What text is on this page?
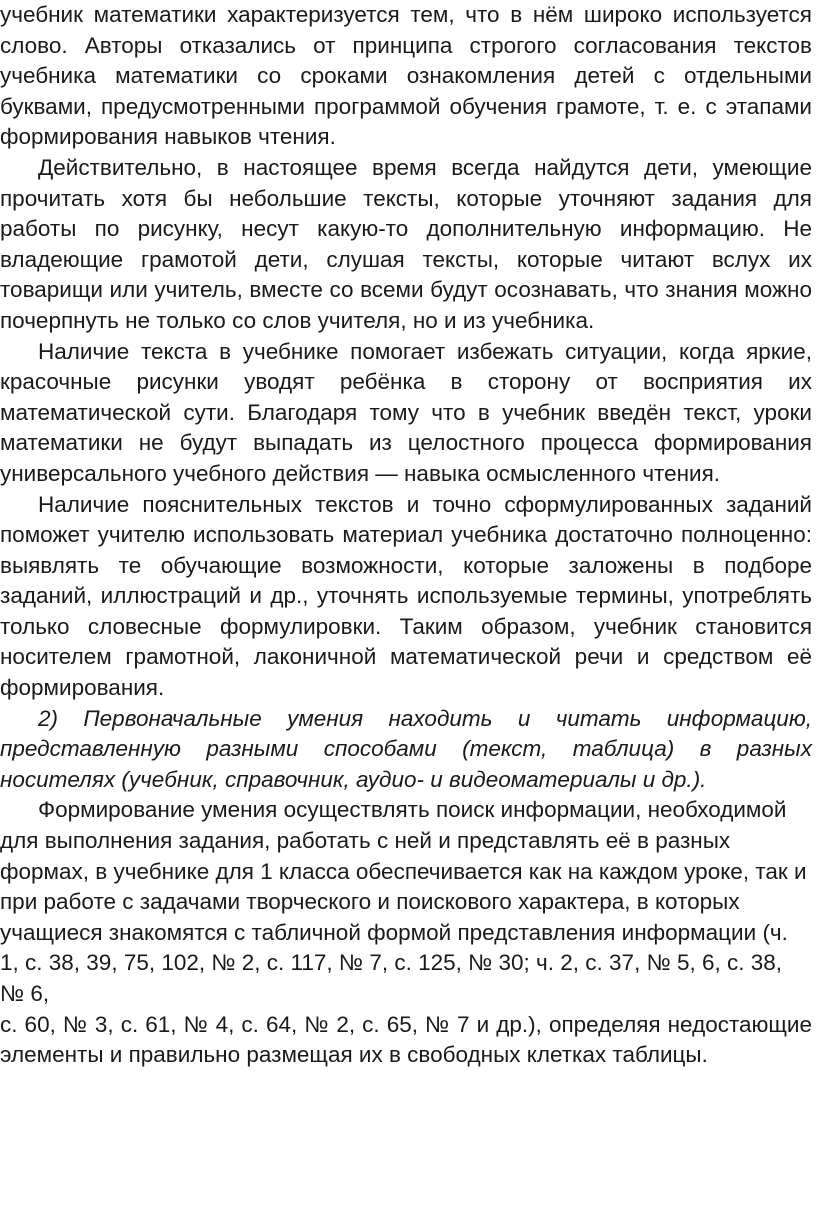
учебник математики характеризуется тем, что в нём широко используется слово. Авторы отказались от принципа строгого согласования текстов учебника математики со сроками ознакомления детей с отдельными буквами, предусмотренными программой обучения грамоте, т. е. с этапами формирования навыков чтения.

Действительно, в настоящее время всегда найдутся дети, умеющие прочитать хотя бы небольшие тексты, которые уточняют задания для работы по рисунку, несут какую-то дополнительную информацию. Не владеющие грамотой дети, слушая тексты, которые читают вслух их товарищи или учитель, вместе со всеми будут осознавать, что знания можно почерпнуть не только со слов учителя, но и из учебника.

Наличие текста в учебнике помогает избежать ситуации, когда яркие, красочные рисунки уводят ребёнка в сторону от восприятия их математической сути. Благодаря тому что в учебник введён текст, уроки математики не будут выпадать из целостного процесса формирования универсального учебного действия — навыка осмысленного чтения.

Наличие пояснительных текстов и точно сформулированных заданий поможет учителю использовать материал учебника достаточно полноценно: выявлять те обучающие возможности, которые заложены в подборе заданий, иллюстраций и др., уточнять используемые термины, употреблять только словесные формулировки. Таким образом, учебник становится носителем грамотной, лаконичной математической речи и средством её формирования.

2) Первоначальные умения находить и читать информацию, представленную разными способами (текст, таблица) в разных носителях (учебник, справочник, аудио- и видеоматериалы и др.).

Формирование умения осуществлять поиск информации, необходимой для выполнения задания, работать с ней и представлять её в разных формах, в учебнике для 1 класса обеспечивается как на каждом уроке, так и при работе с задачами творческого и поискового характера, в которых учащиеся знакомятся с табличной формой представления информации (ч. 1, с. 38, 39, 75, 102, № 2, с. 117, № 7, с. 125, № 30; ч. 2, с. 37, № 5, 6, с. 38, № 6,

с. 60, № 3, с. 61, № 4, с. 64, № 2, с. 65, № 7 и др.), определяя недостающие элементы и правильно размещая их в свободных клетках таблицы.
